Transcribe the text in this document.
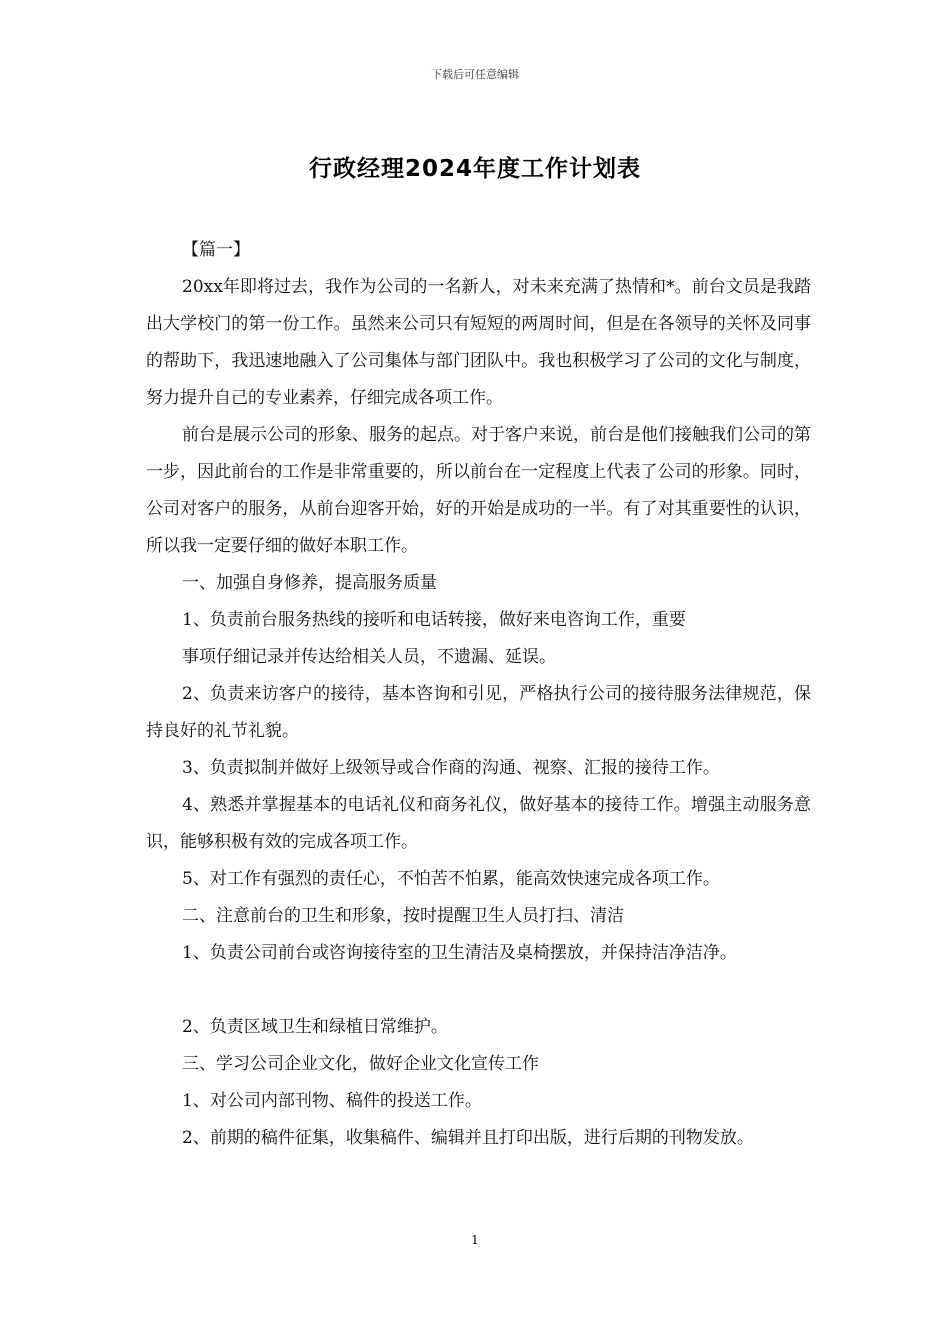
下载后可任意编辑
行政经理2024年度工作计划表

【篇一】

20xx年即将过去，我作为公司的一名新人，对未来充满了热情和*。前台文员是我踏出大学校门的第一份工作。虽然来公司只有短短的两周时间，但是在各领导的关怀及同事的帮助下，我迅速地融入了公司集体与部门团队中。我也积极学习了公司的文化与制度，努力提升自己的专业素养，仔细完成各项工作。

前台是展示公司的形象、服务的起点。对于客户来说，前台是他们接触我们公司的第一步，因此前台的工作是非常重要的，所以前台在一定程度上代表了公司的形象。同时，公司对客户的服务，从前台迎客开始，好的开始是成功的一半。有了对其重要性的认识，所以我一定要仔细的做好本职工作。

一、加强自身修养，提高服务质量

1、负责前台服务热线的接听和电话转接，做好来电咨询工作，重要

事项仔细记录并传达给相关人员，不遗漏、延误。

2、负责来访客户的接待，基本咨询和引见，严格执行公司的接待服务法律规范，保持良好的礼节礼貌。

3、负责拟制并做好上级领导或合作商的沟通、视察、汇报的接待工作。

4、熟悉并掌握基本的电话礼仪和商务礼仪，做好基本的接待工作。增强主动服务意识，能够积极有效的完成各项工作。

5、对工作有强烈的责任心，不怕苦不怕累，能高效快速完成各项工作。

二、注意前台的卫生和形象，按时提醒卫生人员打扫、清洁

1、负责公司前台或咨询接待室的卫生清洁及桌椅摆放，并保持洁净洁净。

2、负责区域卫生和绿植日常维护。

三、学习公司企业文化，做好企业文化宣传工作

1、对公司内部刊物、稿件的投送工作。

2、前期的稿件征集，收集稿件、编辑并且打印出版，进行后期的刊物发放。

1
